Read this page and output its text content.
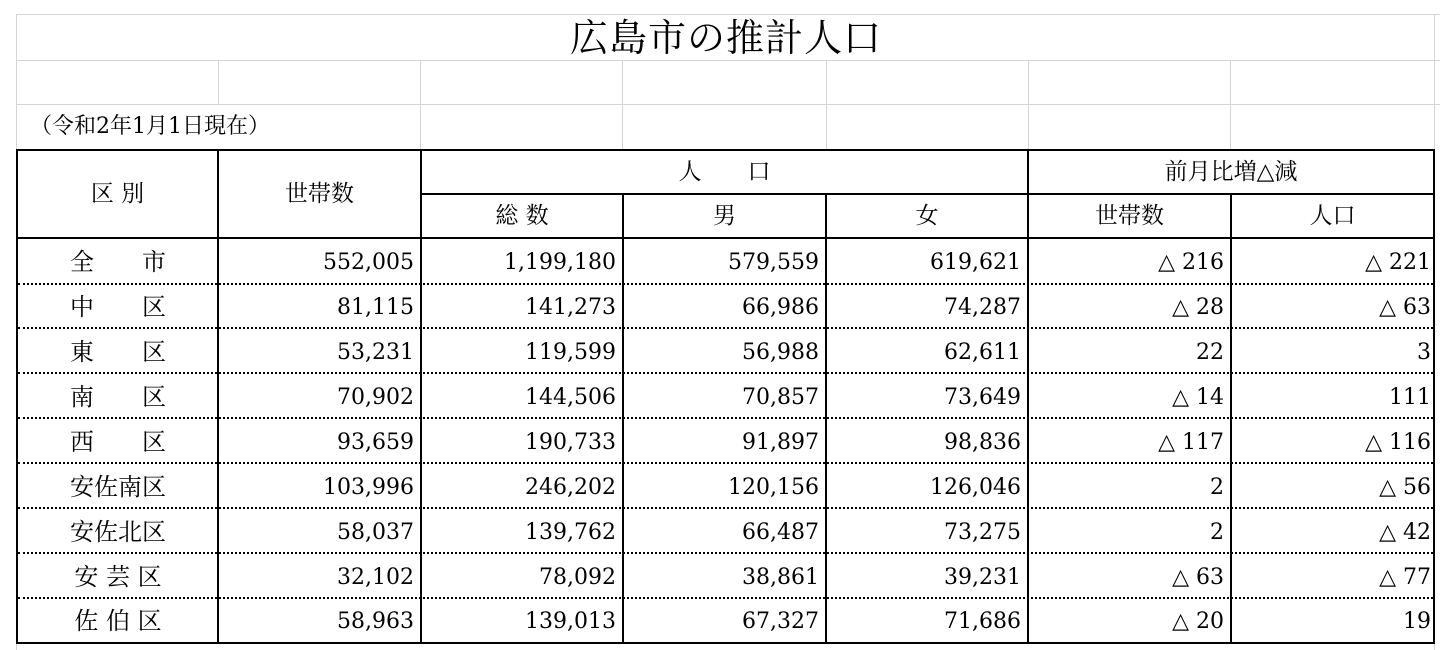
広島市の推計人口
（令和2年1月1日現在）
区 別	世帯数
人　　口	前月比増△減
総 数	男	女	世帯数	人口
全　　市	552,005	1,199,180	579,559	619,621	△ 216	△ 221
中　　区	81,115	141,273	66,986	74,287	△ 28	△ 63
東　　区	53,231	119,599	56,988	62,611	22	3
南　　区	70,902	144,506	70,857	73,649	△ 14	111
西　　区	93,659	190,733	91,897	98,836	△ 117	△ 116
安佐南区	103,996	246,202	120,156	126,046	2	△ 56
安佐北区	58,037	139,762	66,487	73,275	2	△ 42
安 芸 区	32,102	78,092	38,861	39,231	△ 63	△ 77
佐 伯 区	58,963	139,013	67,327	71,686	△ 20	19
